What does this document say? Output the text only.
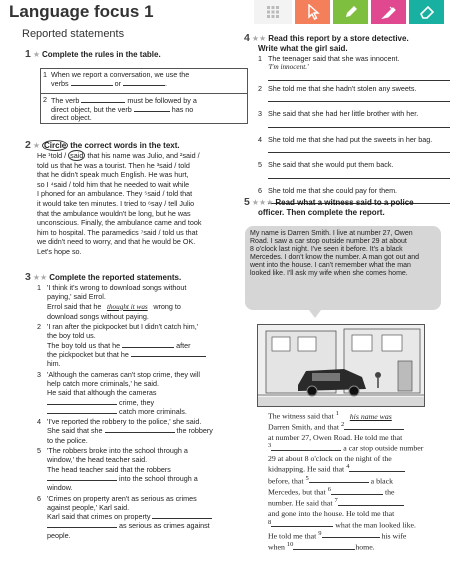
Language focus 1
Reported statements
1 ★ Complete the rules in the table.
1 When we report a conversation, we use the
verbs	or	.
2 The verb	must be followed by a
direct object, but the verb	has no
direct object.
2 ★ Circle the correct words in the text.
He ¹told / said that his name was Julio, and ²said /
told us that he was a tourist. Then he ³said / told
that he didn't speak much English. He was hurt,
so I ⁴said / told him that he needed to wait while
I phoned for an ambulance. They ⁵said / told that
it would take ten minutes. I tried to ⁶say / tell Julio
that the ambulance wouldn't be long, but he was
unconscious. Finally, the ambulance came and took
him to hospital. The paramedics ⁷said / told us that
we didn't need to worry, and that he would be OK.
Let's hope so.
3 ★★ Complete the reported statements.
1 'I think it's wrong to download songs without
paying,' said Errol.
Errol said that he thought it was wrong to
download songs without paying.
2 'I ran after the pickpocket but I didn't catch him,'
the boy told us.
The boy told us that he	after
the pickpocket but that he
him.
3 'Although the cameras can't stop crime, they will
help catch more criminals,' he said.
He said that although the cameras
crime, they
catch more criminals.
4 'I've reported the robbery to the police,' she said.
She said that she	the robbery
to the police.
5 'The robbers broke into the school through a
window,' the head teacher said.
The head teacher said that the robbers
into the school through a
window.
6 'Crimes on property aren't as serious as crimes
against people,' Karl said.
Karl said that crimes on property
as serious as crimes against
people.
4 ★★ Read this report by a store detective.
Write what the girl said.
1 The teenager said that she was innocent.
'I'm innocent.'
2 She told me that she hadn't stolen any sweets.
3 She said that she had her little brother with her.
4 She told me that she had put the sweets in her bag.
5 She said that she would put them back.
6 She told me that she could pay for them.
5 ★★★ Read what a witness said to a police
officer. Then complete the report.
My name is Darren Smith. I live at number 27, Owen
Road. I saw a car stop outside number 29 at about
8 o'clock last night. I've seen it before. It's a black
Mercedes. I don't know the number. A man got out and
went into the house. I can't remember what the man
looked like. I'll ask my wife when she comes home.
The witness said that $^1$ his name was
Darren Smith, and that $^2$
at number 27, Owen Road. He told me that
$^3$	a car stop outside number
29 at about 8 o'clock on the night of the
kidnapping. He said that $^4$
before, that $^5$	a black
Mercedes, but that $^6$	the
number. He said that $^7$
and gone into the house. He told me that
$^8$	what the man looked like.
He told me that $^9$	his wife
when $^{10}$	home.
